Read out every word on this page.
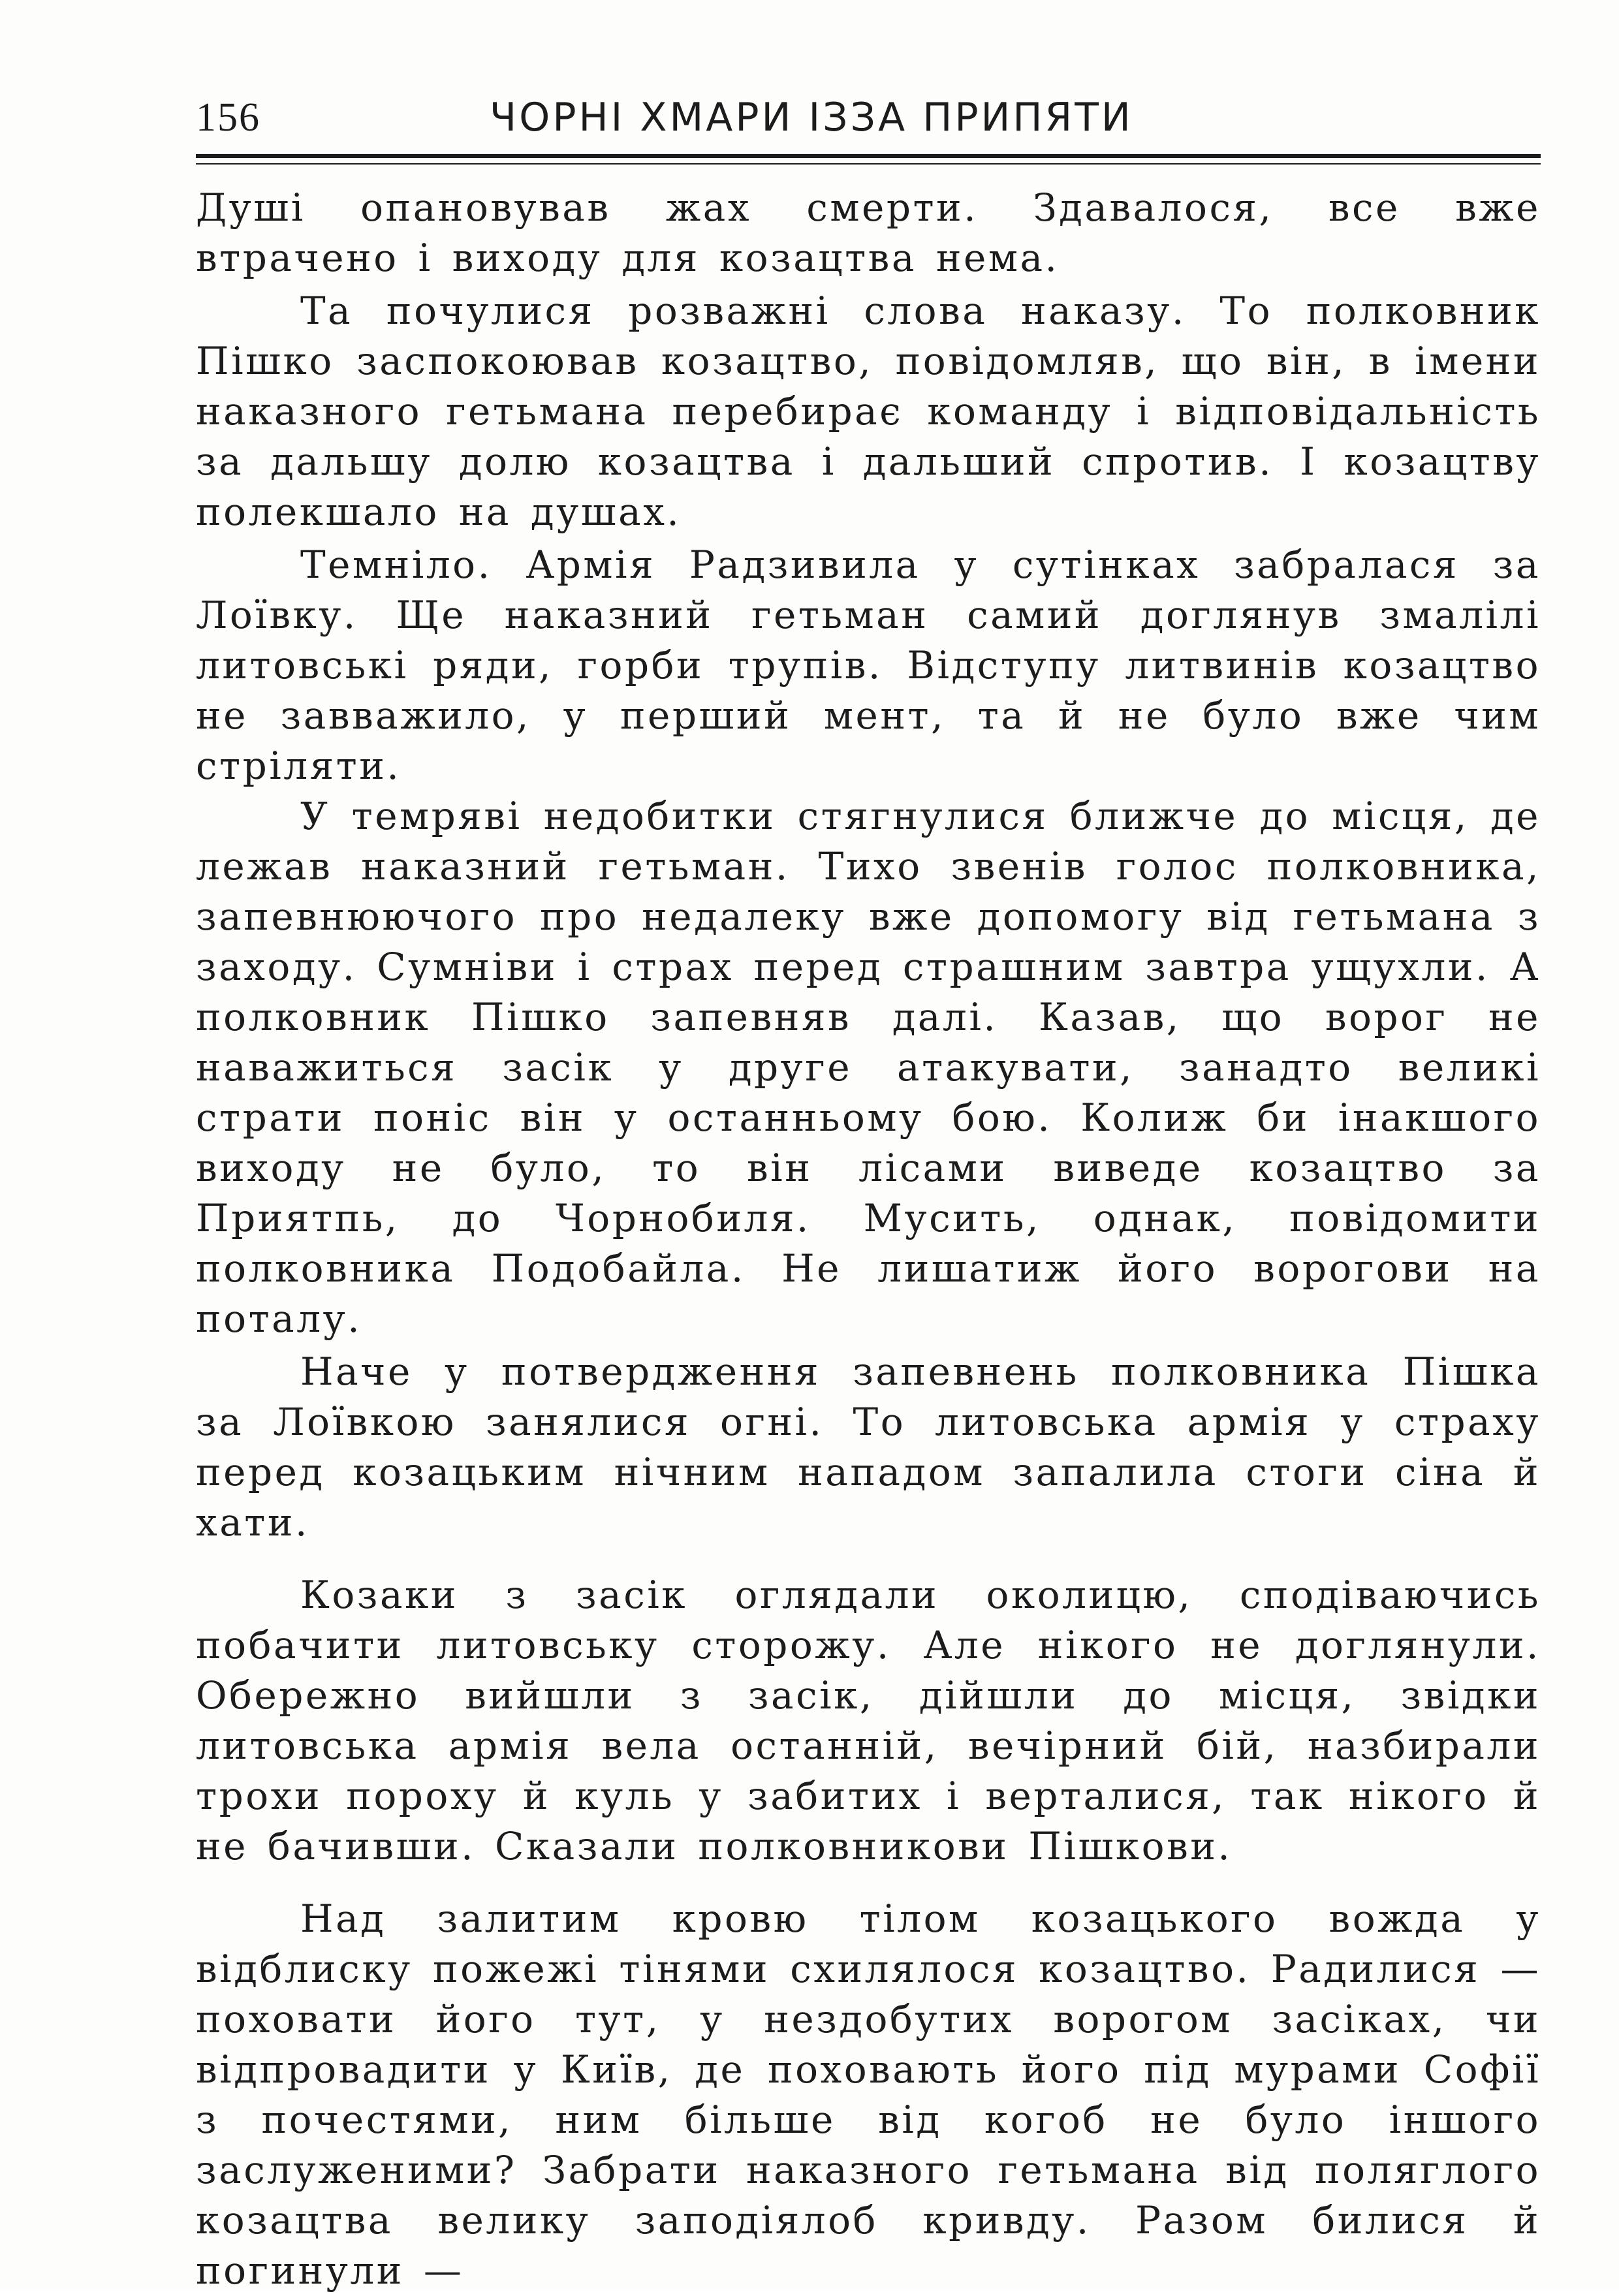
156	ЧОРНІ ХМАРИ ІЗЗА ПРИПЯТИ

Душі опановував жах смерти. Здавалося, все вже втрачено і виходу для козацтва нема.

Та почулися розважні слова наказу. То полковник Пішко заспокоював козацтво, повідомляв, що він, в імени наказного гетьмана перебирає команду і відповідальність за дальшу долю козацтва і дальший спротив. І козацтву полекшало на душах.

Темніло. Армія Радзивила у сутінках забралася за Лоївку. Ще наказний гетьман самий доглянув змалілі литовські ряди, горби трупів. Відступу литвинів козацтво не завважило, у перший мент, та й не було вже чим стріляти.

У темряві недобитки стягнулися ближче до місця, де лежав наказний гетьман. Тихо звенів голос полковника, запевнюючого про недалеку вже допомогу від гетьмана з заходу. Сумніви і страх перед страшним завтра ущухли. А полковник Пішко запевняв далі. Казав, що ворог не наважиться засік у друге атакувати, занадто великі страти поніс він у останньому бою. Колиж би інакшого виходу не було, то він лісами виведе козацтво за Приятпь, до Чорнобиля. Мусить, однак, повідомити полковника Подобайла. Не лишатиж його ворогови на поталу.

Наче у потвердження запевнень полковника Пішка за Лоївкою занялися огні. То литовська армія у страху перед козацьким нічним нападом запалила стоги сіна й хати.

Козаки з засік оглядали околицю, сподіваючись побачити литовську сторожу. Але нікого не доглянули. Обережно вийшли з засік, дійшли до місця, звідки литовська армія вела останній, вечірний бій, назбирали трохи пороху й куль у забитих і верталися, так нікого й не бачивши. Сказали полковникови Пішкови.

Над залитим кровю тілом козацького вожда у відблиску пожежі тінями схилялося козацтво. Радилися — поховати його тут, у нездобутих ворогом засіках, чи відпровадити у Київ, де поховають його під мурами Софії з почестями, ним більше від когоб не було іншого заслуженими? Забрати наказного гетьмана від поляглого козацтва велику заподіялоб кривду. Разом билися й погинули —
